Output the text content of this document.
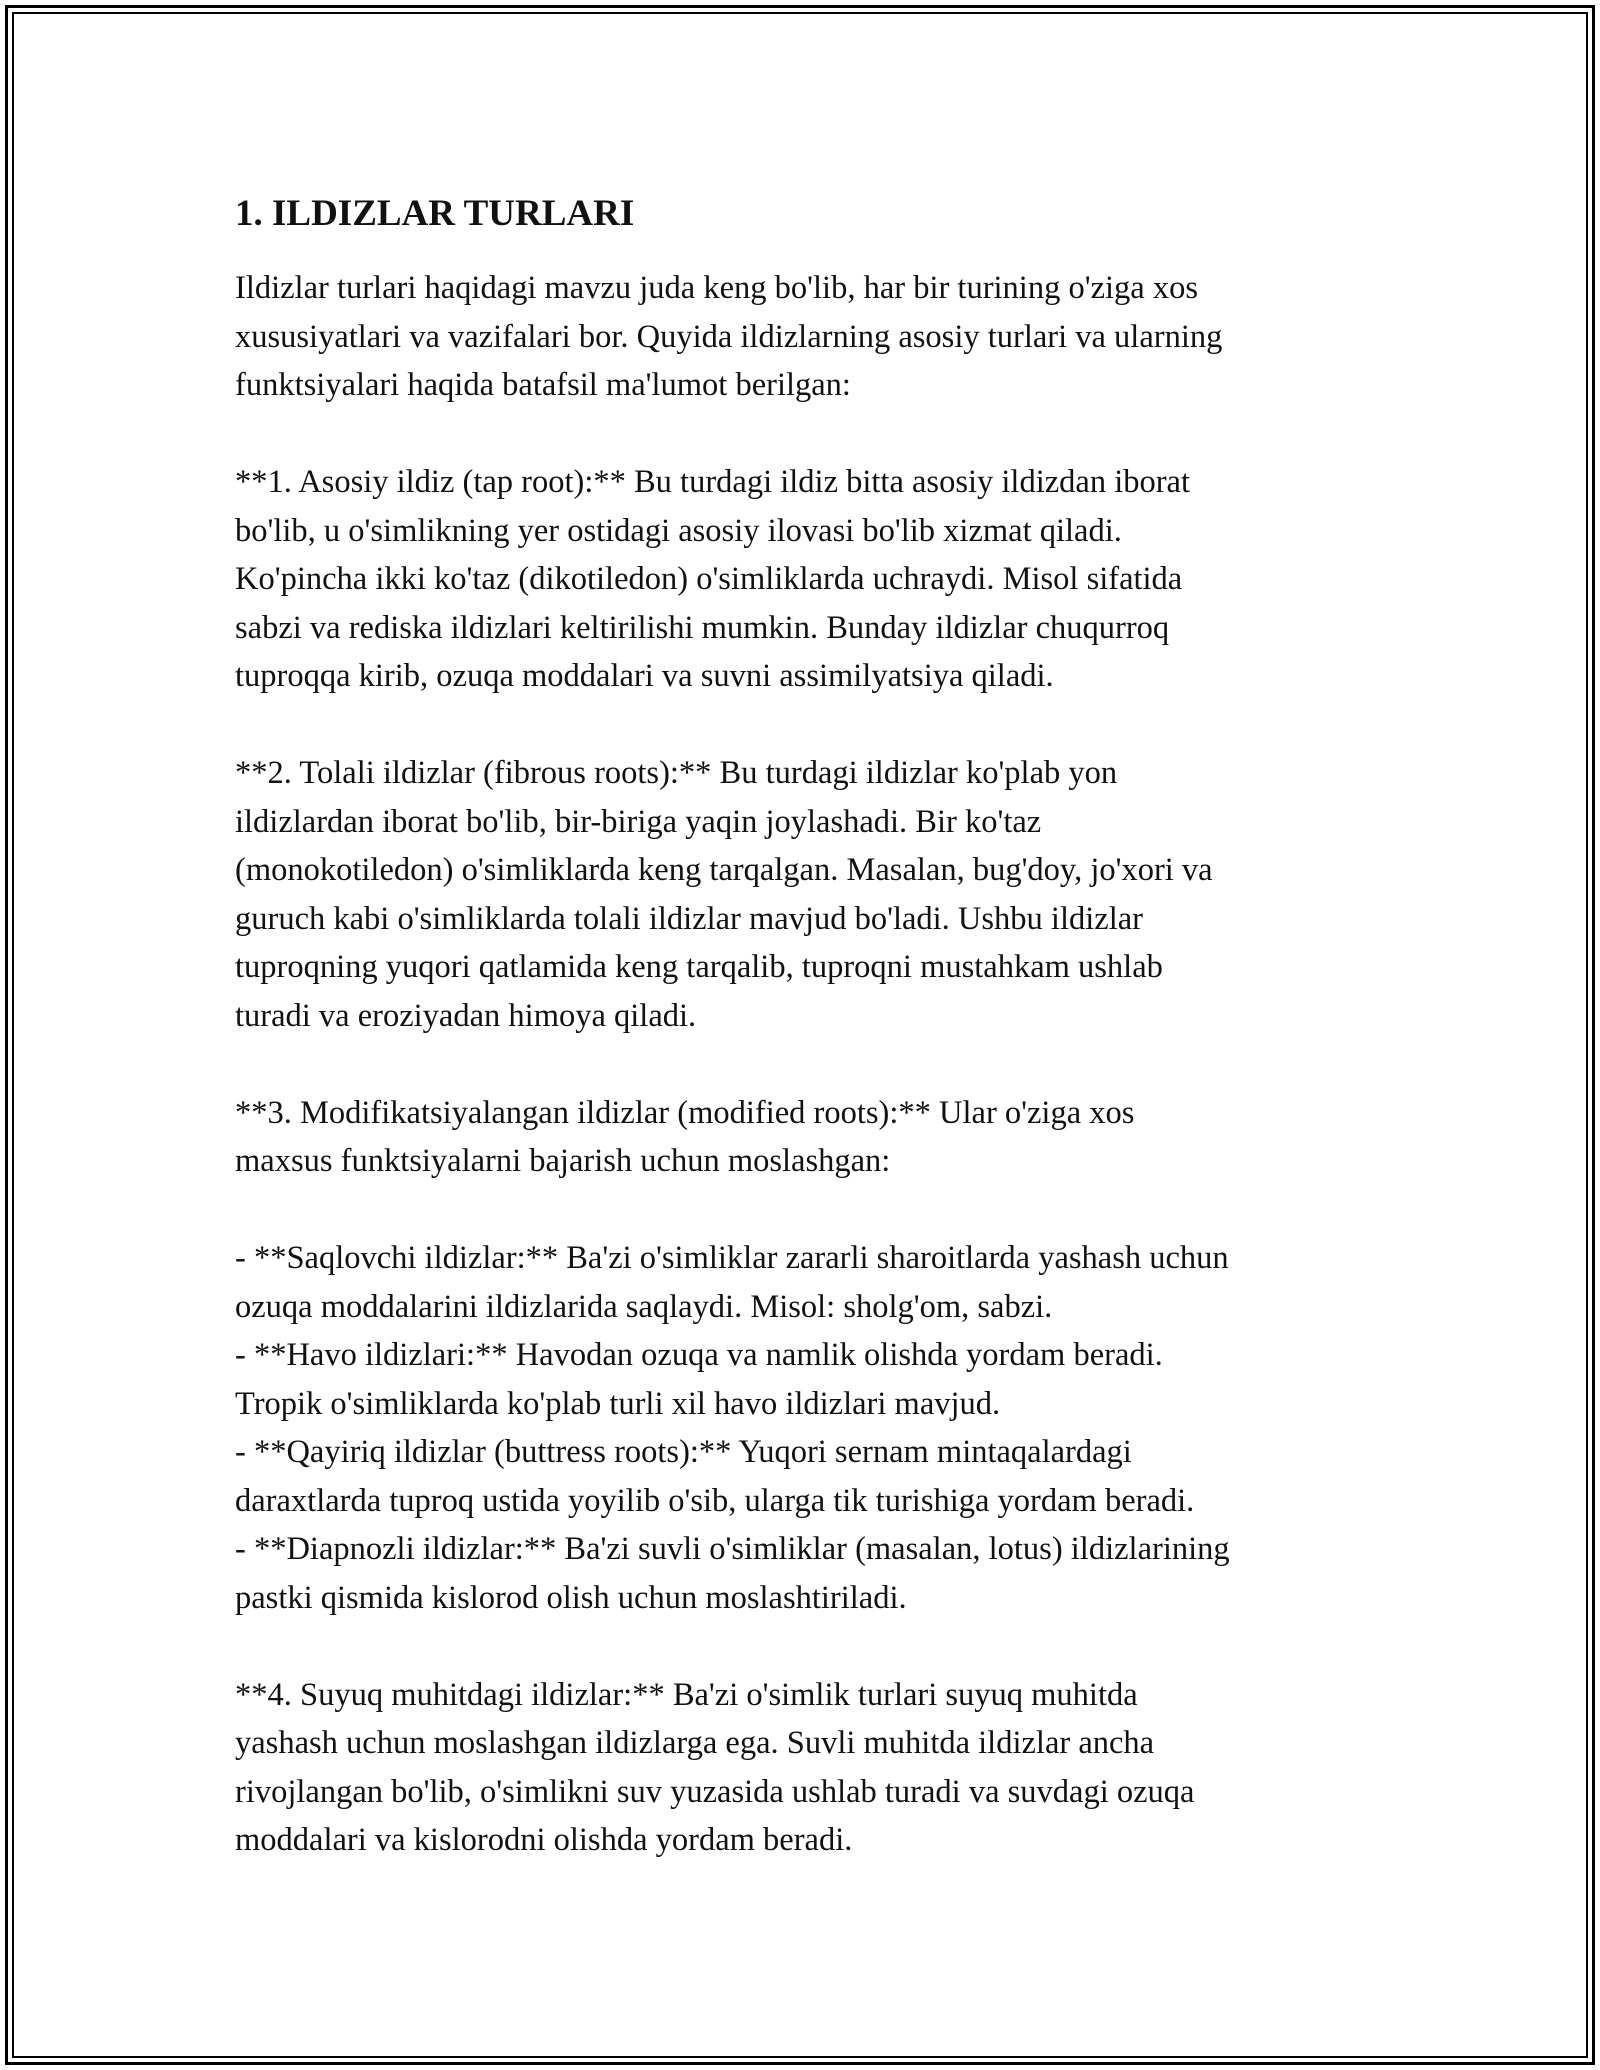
1. ILDIZLAR TURLARI
Ildizlar turlari haqidagi mavzu juda keng bo'lib, har bir turining o'ziga xos
xususiyatlari va vazifalari bor. Quyida ildizlarning asosiy turlari va ularning
funktsiyalari haqida batafsil ma'lumot berilgan:
**1. Asosiy ildiz (tap root):** Bu turdagi ildiz bitta asosiy ildizdan iborat
bo'lib, u o'simlikning yer ostidagi asosiy ilovasi bo'lib xizmat qiladi.
Ko'pincha ikki ko'taz (dikotiledon) o'simliklarda uchraydi. Misol sifatida
sabzi va rediska ildizlari keltirilishi mumkin. Bunday ildizlar chuqurroq
tuproqqa kirib, ozuqa moddalari va suvni assimilyatsiya qiladi.
**2. Tolali ildizlar (fibrous roots):** Bu turdagi ildizlar ko'plab yon
ildizlardan iborat bo'lib, bir-biriga yaqin joylashadi. Bir ko'taz
(monokotiledon) o'simliklarda keng tarqalgan. Masalan, bug'doy, jo'xori va
guruch kabi o'simliklarda tolali ildizlar mavjud bo'ladi. Ushbu ildizlar
tuproqning yuqori qatlamida keng tarqalib, tuproqni mustahkam ushlab
turadi va eroziyadan himoya qiladi.
**3. Modifikatsiyalangan ildizlar (modified roots):** Ular o'ziga xos
maxsus funktsiyalarni bajarish uchun moslashgan:
- **Saqlovchi ildizlar:** Ba'zi o'simliklar zararli sharoitlarda yashash uchun
ozuqa moddalarini ildizlarida saqlaydi. Misol: sholg'om, sabzi.
- **Havo ildizlari:** Havodan ozuqa va namlik olishda yordam beradi.
Tropik o'simliklarda ko'plab turli xil havo ildizlari mavjud.
- **Qayiriq ildizlar (buttress roots):** Yuqori sernam mintaqalardagi
daraxtlarda tuproq ustida yoyilib o'sib, ularga tik turishiga yordam beradi.
- **Diapnozli ildizlar:** Ba'zi suvli o'simliklar (masalan, lotus) ildizlarining
pastki qismida kislorod olish uchun moslashtiriladi.
**4. Suyuq muhitdagi ildizlar:** Ba'zi o'simlik turlari suyuq muhitda
yashash uchun moslashgan ildizlarga ega. Suvli muhitda ildizlar ancha
rivojlangan bo'lib, o'simlikni suv yuzasida ushlab turadi va suvdagi ozuqa
moddalari va kislorodni olishda yordam beradi.
